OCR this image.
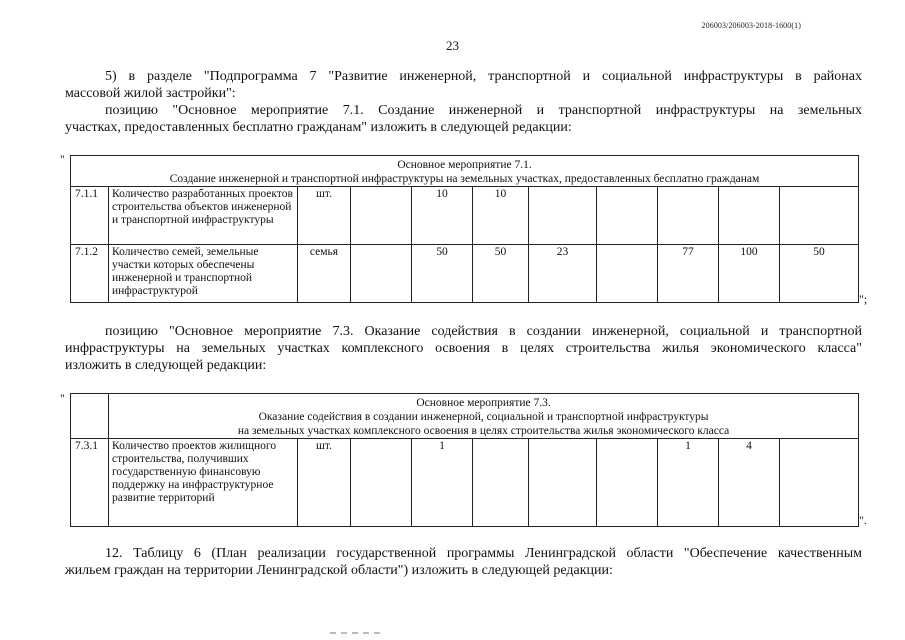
206003/206003-2018-1600(1)
23
5) в разделе "Подпрограмма 7 "Развитие инженерной, транспортной и социальной инфраструктуры в районах
массовой жилой застройки":
позицию "Основное мероприятие 7.1. Создание инженерной и транспортной инфраструктуры на земельных
участках, предоставленных бесплатно гражданам" изложить в следующей редакции:
"	Основное мероприятие 7.1.
Создание инженерной и транспортной инфраструктуры на земельных участках, предоставленных бесплатно гражданам										

7.1.1	Количество разработанных проектов строительства объектов инженерной и транспортной инфраструктуры	шт.		10	10					
7.1.2	Количество семей, земельные участки которых обеспечены инженерной и транспортной инфраструктурой	семья		50	50	23		77	100	50
";
позицию "Основное мероприятие 7.3. Оказание содействия в создании инженерной, социальной и транспортной
инфраструктуры на земельных участках комплексного освоения в целях строительства жилья экономического класса"
изложить в следующей редакции:
"

	Основное мероприятие 7.3.
Оказание содействия в создании инженерной, социальной и транспортной инфраструктуры
на земельных участках комплексного освоения в целях строительства жилья экономического класса									

7.3.1	Количество проектов жилищного строительства, получивших государственную финансовую поддержку на инфраструктурное развитие территорий	шт.		1				1	4	
".
12. Таблицу 6 (План реализации государственной программы Ленинградской области "Обеспечение качественным
жильем граждан на территории Ленинградской области") изложить в следующей редакции:
